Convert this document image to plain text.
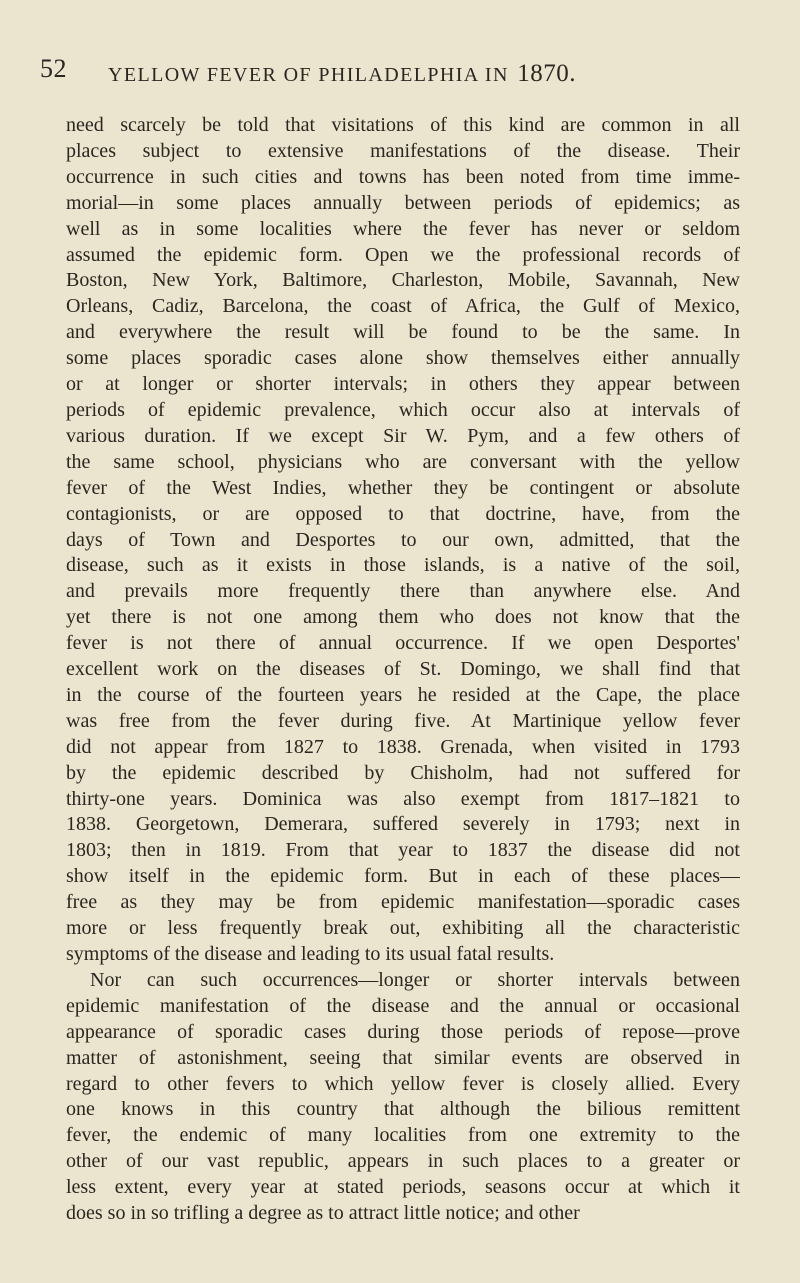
52 YELLOW FEVER OF PHILADELPHIA IN 1870.
need scarcely be told that visitations of this kind are common in all
places subject to extensive manifestations of the disease. Their
occurrence in such cities and towns has been noted from time imme-
morial—in some places annually between periods of epidemics; as
well as in some localities where the fever has never or seldom
assumed the epidemic form. Open we the professional records of
Boston, New York, Baltimore, Charleston, Mobile, Savannah, New
Orleans, Cadiz, Barcelona, the coast of Africa, the Gulf of Mexico,
and everywhere the result will be found to be the same. In
some places sporadic cases alone show themselves either annually
or at longer or shorter intervals; in others they appear between
periods of epidemic prevalence, which occur also at intervals of
various duration. If we except Sir W. Pym, and a few others of
the same school, physicians who are conversant with the yellow
fever of the West Indies, whether they be contingent or absolute
contagionists, or are opposed to that doctrine, have, from the
days of Town and Desportes to our own, admitted, that the
disease, such as it exists in those islands, is a native of the soil,
and prevails more frequently there than anywhere else. And
yet there is not one among them who does not know that the
fever is not there of annual occurrence. If we open Desportes'
excellent work on the diseases of St. Domingo, we shall find that
in the course of the fourteen years he resided at the Cape, the place
was free from the fever during five. At Martinique yellow fever
did not appear from 1827 to 1838. Grenada, when visited in 1793
by the epidemic described by Chisholm, had not suffered for
thirty-one years. Dominica was also exempt from 1817–1821 to
1838. Georgetown, Demerara, suffered severely in 1793; next in
1803; then in 1819. From that year to 1837 the disease did not
show itself in the epidemic form. But in each of these places—
free as they may be from epidemic manifestation—sporadic cases
more or less frequently break out, exhibiting all the characteristic
symptoms of the disease and leading to its usual fatal results.
Nor can such occurrences—longer or shorter intervals between
epidemic manifestation of the disease and the annual or occasional
appearance of sporadic cases during those periods of repose—prove
matter of astonishment, seeing that similar events are observed in
regard to other fevers to which yellow fever is closely allied. Every
one knows in this country that although the bilious remittent
fever, the endemic of many localities from one extremity to the
other of our vast republic, appears in such places to a greater or
less extent, every year at stated periods, seasons occur at which it
does so in so trifling a degree as to attract little notice; and other
